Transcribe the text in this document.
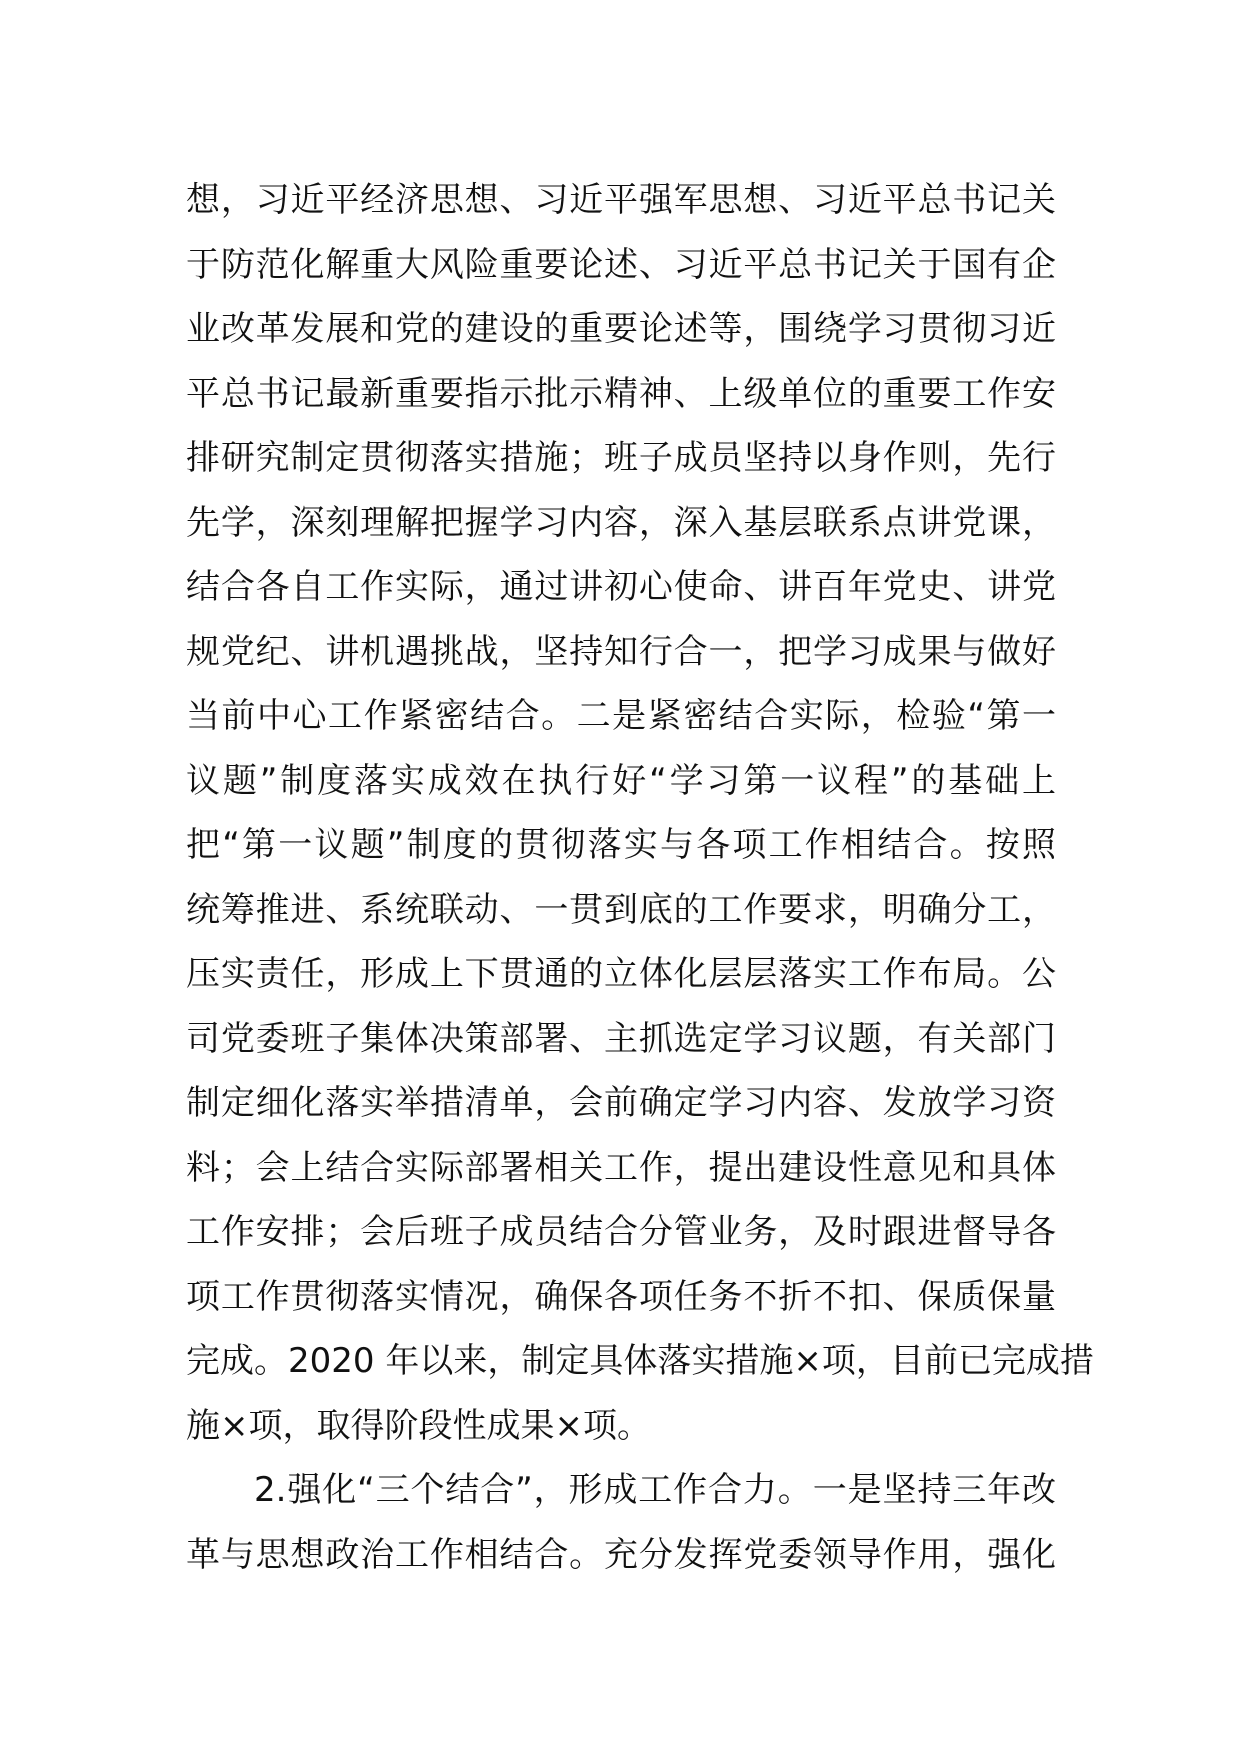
想，习近平经济思想、习近平强军思想、习近平总书记关
于防范化解重大风险重要论述、习近平总书记关于国有企
业改革发展和党的建设的重要论述等，围绕学习贯彻习近
平总书记最新重要指示批示精神、上级单位的重要工作安
排研究制定贯彻落实措施；班子成员坚持以身作则，先行
先学，深刻理解把握学习内容，深入基层联系点讲党课，
结合各自工作实际，通过讲初心使命、讲百年党史、讲党
规党纪、讲机遇挑战，坚持知行合一，把学习成果与做好
当前中心工作紧密结合。二是紧密结合实际，检验“第一
议题”制度落实成效在执行好“学习第一议程”的基础上
把“第一议题”制度的贯彻落实与各项工作相结合。按照
统筹推进、系统联动、一贯到底的工作要求，明确分工，
压实责任，形成上下贯通的立体化层层落实工作布局。公
司党委班子集体决策部署、主抓选定学习议题，有关部门
制定细化落实举措清单，会前确定学习内容、发放学习资
料；会上结合实际部署相关工作，提出建设性意见和具体
工作安排；会后班子成员结合分管业务，及时跟进督导各
项工作贯彻落实情况，确保各项任务不折不扣、保质保量
完成。2020 年以来，制定具体落实措施×项，目前已完成措
施×项，取得阶段性成果×项。
2.强化“三个结合”，形成工作合力。一是坚持三年改
革与思想政治工作相结合。充分发挥党委领导作用，强化
